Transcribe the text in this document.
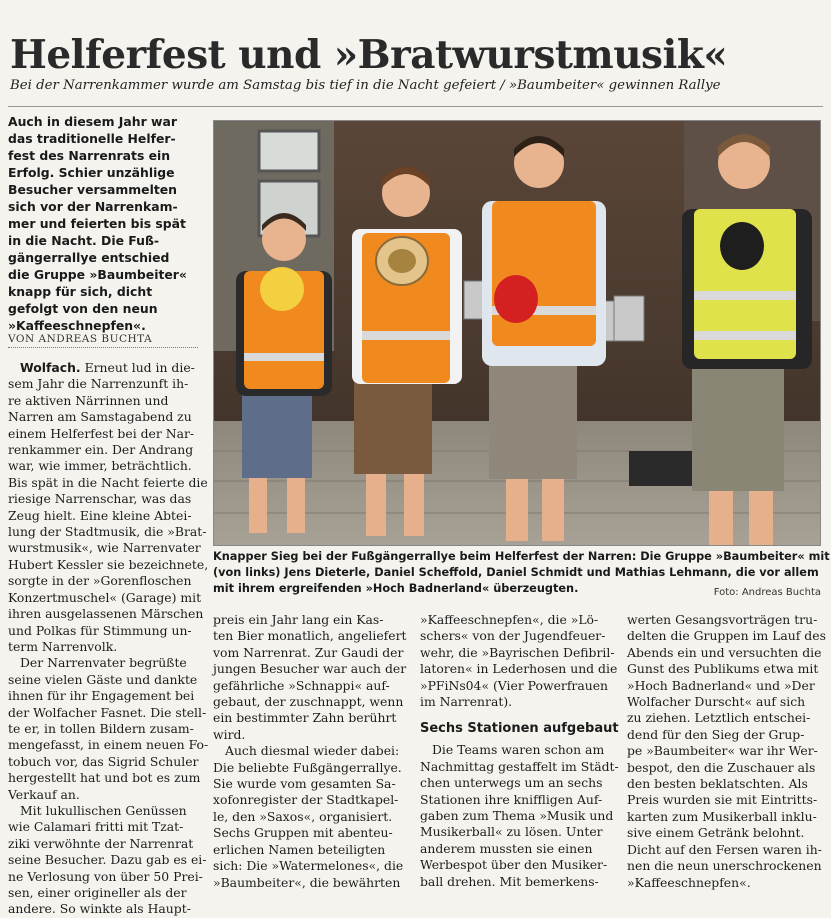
Helferfest und »Bratwurstmusik«
Bei der Narrenkammer wurde am Samstag bis tief in die Nacht gefeiert / »Baumbeiter« gewinnen Rallye
Auch in diesem Jahr war
das traditionelle Helfer-
fest des Narrenrats ein
Erfolg. Schier unzählige
Besucher versammelten
sich vor der Narrenkam-
mer und feierten bis spät
in die Nacht. Die Fuß-
gängerrallye entschied
die Gruppe »Baumbeiter«
knapp für sich, dicht
gefolgt von den neun
»Kaffeeschnepfen«.
VON ANDREAS BUCHTA
Wolfach. Erneut lud in die-
sem Jahr die Narrenzunft ih-
re aktiven Närrinnen und
Narren am Samstagabend zu
einem Helferfest bei der Nar-
renkammer ein. Der Andrang
war, wie immer, beträchtlich.
Bis spät in die Nacht feierte die
riesige Narrenschar, was das
Zeug hielt. Eine kleine Abtei-
lung der Stadtmusik, die »Brat-
wurstmusik«, wie Narrenvater
Hubert Kessler sie bezeichnete,
sorgte in der »Gorenfloschen
Konzertmuschel« (Garage) mit
ihren ausgelassenen Märschen
und Polkas für Stimmung un-
term Narrenvolk.
Der Narrenvater begrüßte
seine vielen Gäste und dankte
ihnen für ihr Engagement bei
der Wolfacher Fasnet. Die stell-
te er, in tollen Bildern zusam-
mengefasst, in einem neuen Fo-
tobuch vor, das Sigrid Schuler
hergestellt hat und bot es zum
Verkauf an.
Mit lukullischen Genüssen
wie Calamari fritti mit Tzat-
ziki verwöhnte der Narrenrat
seine Besucher. Dazu gab es ei-
ne Verlosung von über 50 Prei-
sen, einer origineller als der
andere. So winkte als Haupt-
preis ein Jahr lang ein Kas-
ten Bier monatlich, angeliefert
vom Narrenrat. Zur Gaudi der
jungen Besucher war auch der
gefährliche »Schnappi« auf-
gebaut, der zuschnappt, wenn
ein bestimmter Zahn berührt
wird.
Auch diesmal wieder dabei:
Die beliebte Fußgängerrallye.
Sie wurde vom gesamten Sa-
xofonregister der Stadtkapel-
le, den »Saxos«, organisiert.
Sechs Gruppen mit abenteu-
erlichen Namen beteiligten
sich: Die »Watermelones«, die
»Baumbeiter«, die bewährten
»Kaffeeschnepfen«, die »Lö-
schers« von der Jugendfeuer-
wehr, die »Bayrischen Defibril-
latoren« in Lederhosen und die
»PFiNs04« (Vier Powerfrauen
im Narrenrat).
Sechs Stationen aufgebaut
Die Teams waren schon am
Nachmittag gestaffelt im Städt-
chen unterwegs um an sechs
Stationen ihre kniffligen Auf-
gaben zum Thema »Musik und
Musikerball« zu lösen. Unter
anderem mussten sie einen
Werbespot über den Musiker-
ball drehen. Mit bemerkens-
werten Gesangsvorträgen tru-
delten die Gruppen im Lauf des
Abends ein und versuchten die
Gunst des Publikums etwa mit
»Hoch Badnerland« und »Der
Wolfacher Durscht« auf sich
zu ziehen. Letztlich entschei-
dend für den Sieg der Grup-
pe »Baumbeiter« war ihr Wer-
bespot, den die Zuschauer als
den besten beklatschten. Als
Preis wurden sie mit Eintritts-
karten zum Musikerball inklu-
sive einem Getränk belohnt.
Dicht auf den Fersen waren ih-
nen die neun unerschrockenen
»Kaffeeschnepfen«.
Knapper Sieg bei der Fußgängerrallye beim Helferfest der Narren: Die Gruppe »Baumbeiter« mit
(von links) Jens Dieterle, Daniel Scheffold, Daniel Schmidt und Mathias Lehmann, die vor allem
mit ihrem ergreifenden »Hoch Badnerland« überzeugten.	Foto: Andreas Buchta
